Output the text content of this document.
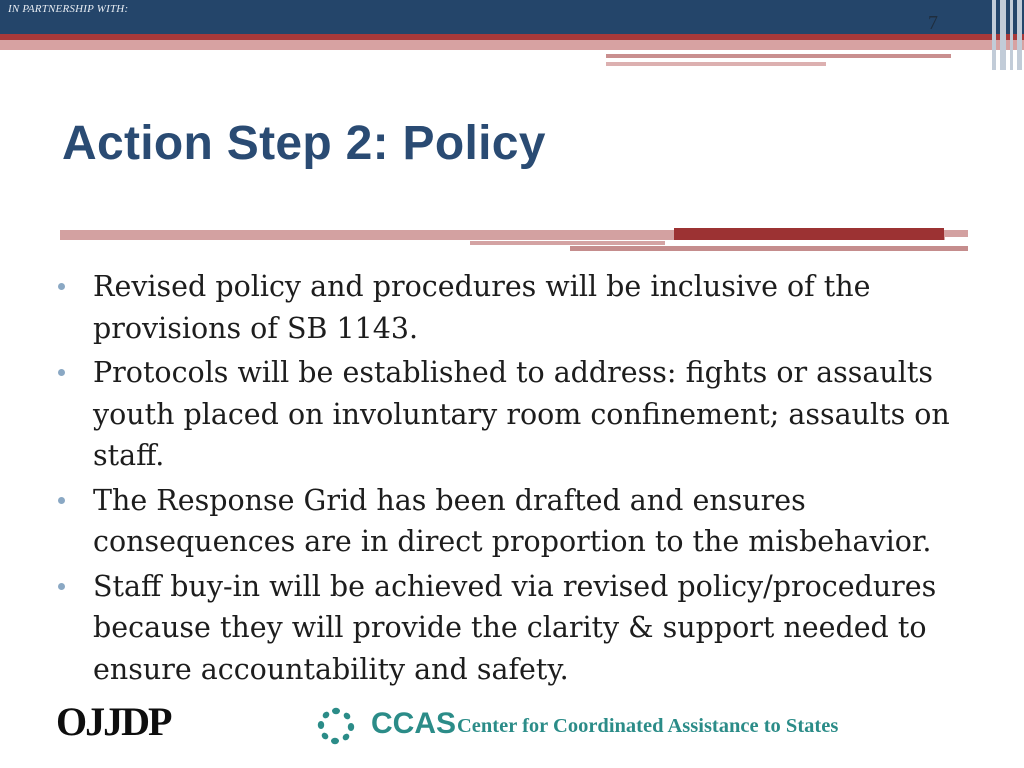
IN PARTNERSHIP WITH:
7
Action Step 2: Policy
Revised policy and procedures will be inclusive of the provisions of SB 1143.
Protocols will be established to address: fights or assaults youth placed on involuntary room confinement; assaults on staff.
The Response Grid has been drafted and ensures consequences are in direct proportion to the misbehavior.
Staff buy-in will be achieved via revised policy/procedures because they will provide the clarity & support needed to ensure accountability and safety.
OJJDP	CCAS Center for Coordinated Assistance to States
